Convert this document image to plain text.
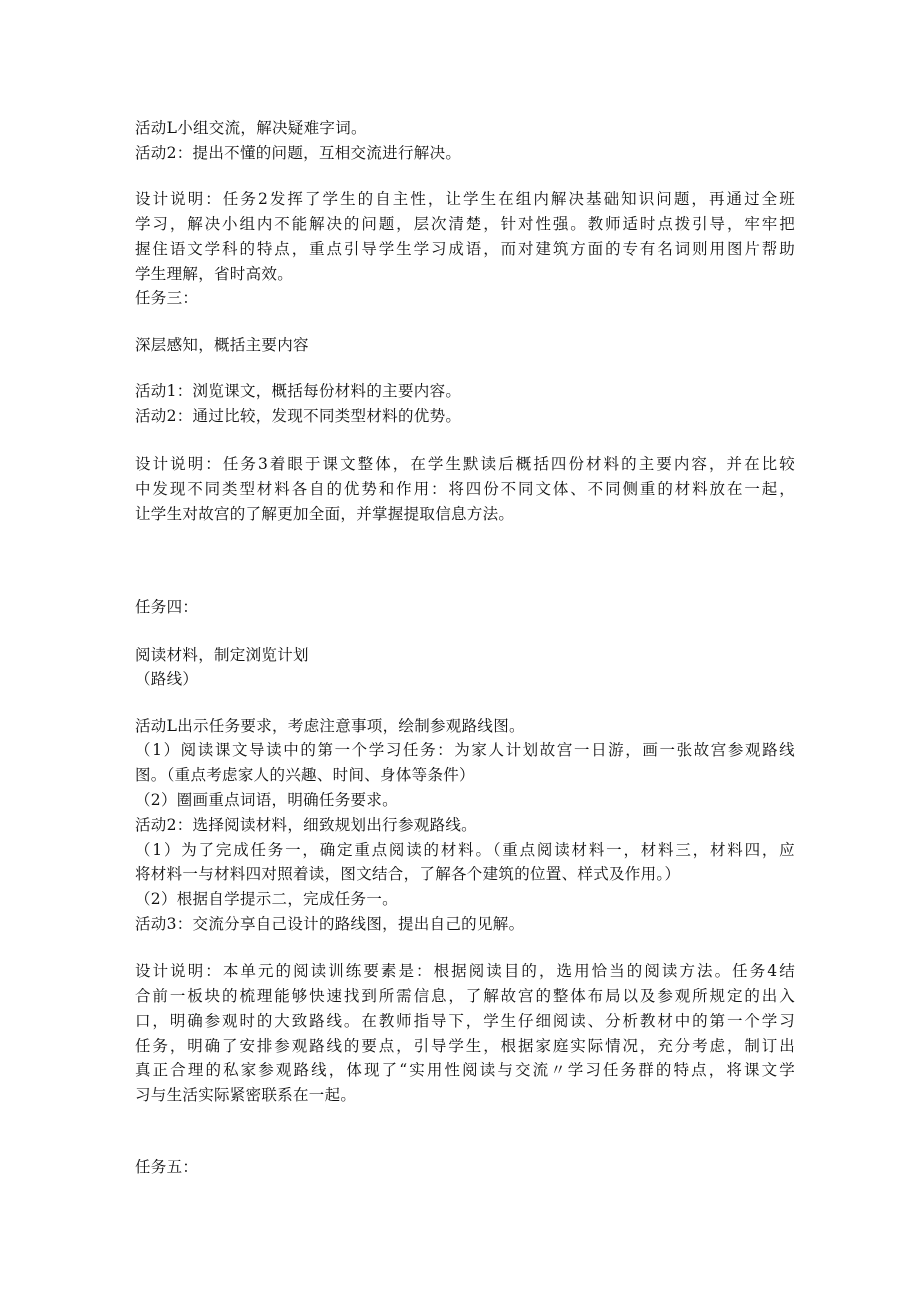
活动L小组交流，解决疑难字词。
活动2：提出不懂的问题，互相交流进行解决。
设计说明：任务2发挥了学生的自主性，让学生在组内解决基础知识问题，再通过全班
学习，解决小组内不能解决的问题，层次清楚，针对性强。教师适时点拨引导，牢牢把
握住语文学科的特点，重点引导学生学习成语，而对建筑方面的专有名词则用图片帮助
学生理解，省时高效。
任务三：
深层感知，概括主要内容
活动1：浏览课文，概括每份材料的主要内容。
活动2：通过比较，发现不同类型材料的优势。
设计说明：任务3着眼于课文整体，在学生默读后概括四份材料的主要内容，并在比较
中发现不同类型材料各自的优势和作用：将四份不同文体、不同侧重的材料放在一起，
让学生对故宫的了解更加全面，并掌握提取信息方法。
任务四：
阅读材料，制定浏览计划
（路线）
活动L出示任务要求，考虑注意事项，绘制参观路线图。
（1）阅读课文导读中的第一个学习任务：为家人计划故宫一日游，画一张故宫参观路线
图。（重点考虑家人的兴趣、时间、身体等条件）
（2）圈画重点词语，明确任务要求。
活动2：选择阅读材料，细致规划出行参观路线。
（1）为了完成任务一，确定重点阅读的材料。（重点阅读材料一，材料三，材料四，应
将材料一与材料四对照着读，图文结合，了解各个建筑的位置、样式及作用。）
（2）根据自学提示二，完成任务一。
活动3：交流分享自己设计的路线图，提出自己的见解。
设计说明：本单元的阅读训练要素是：根据阅读目的，选用恰当的阅读方法。任务4结
合前一板块的梳理能够快速找到所需信息，了解故宫的整体布局以及参观所规定的出入
口，明确参观时的大致路线。在教师指导下，学生仔细阅读、分析教材中的第一个学习
任务，明确了安排参观路线的要点，引导学生，根据家庭实际情况，充分考虑，制订出
真正合理的私家参观路线，体现了“实用性阅读与交流〃学习任务群的特点，将课文学
习与生活实际紧密联系在一起。
任务五：
